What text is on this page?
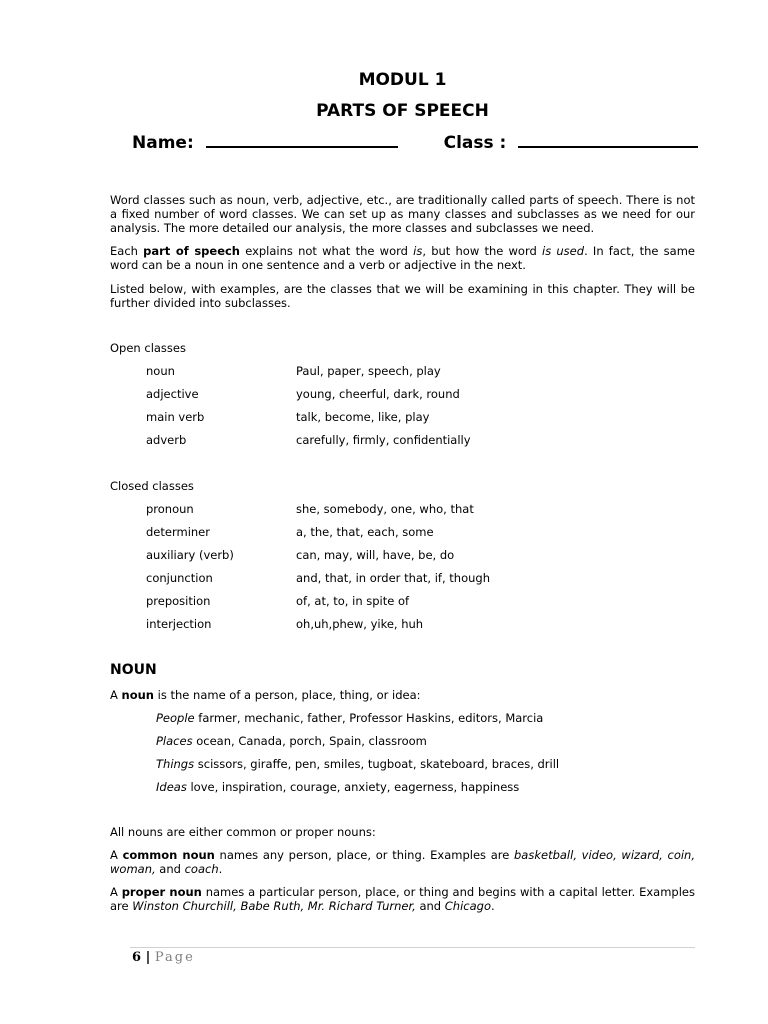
MODUL 1
PARTS OF SPEECH
Name:	Class :
Word classes such as noun, verb, adjective, etc., are traditionally called parts of speech. There is not a fixed number of word classes. We can set up as many classes and subclasses as we need for our analysis. The more detailed our analysis, the more classes and subclasses we need.
Each part of speech explains not what the word is, but how the word is used. In fact, the same word can be a noun in one sentence and a verb or adjective in the next.
Listed below, with examples, are the classes that we will be examining in this chapter. They will be further divided into subclasses.
Open classes
noun	Paul, paper, speech, play
adjective	young, cheerful, dark, round
main verb	talk, become, like, play
adverb	carefully, firmly, confidentially
Closed classes
pronoun	she, somebody, one, who, that
determiner	a, the, that, each, some
auxiliary (verb)	can, may, will, have, be, do
conjunction	and, that, in order that, if, though
preposition	of, at, to, in spite of
interjection	oh,uh,phew, yike, huh
NOUN
A noun is the name of a person, place, thing, or idea:
People farmer, mechanic, father, Professor Haskins, editors, Marcia
Places ocean, Canada, porch, Spain, classroom
Things scissors, giraffe, pen, smiles, tugboat, skateboard, braces, drill
Ideas love, inspiration, courage, anxiety, eagerness, happiness
All nouns are either common or proper nouns:
A common noun names any person, place, or thing. Examples are basketball, video, wizard, coin, woman, and coach.
A proper noun names a particular person, place, or thing and begins with a capital letter. Examples are Winston Churchill, Babe Ruth, Mr. Richard Turner, and Chicago.
6 | Page
